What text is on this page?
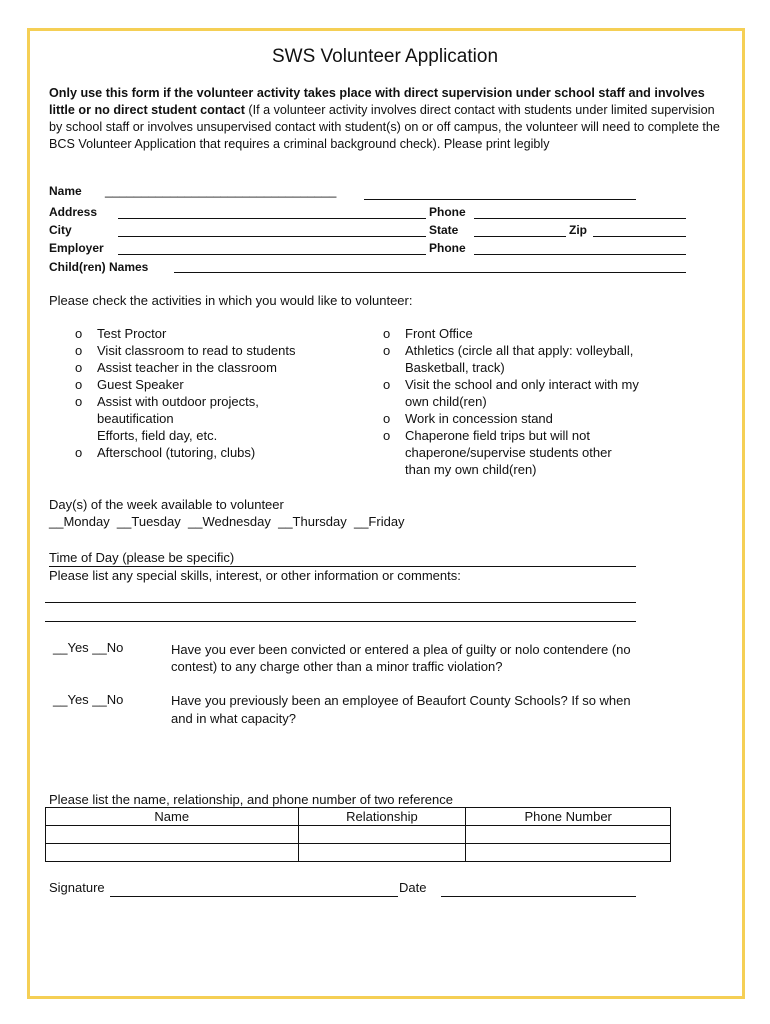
SWS Volunteer Application
Only use this form if the volunteer activity takes place with direct supervision under school staff and involves little or no direct student contact (If a volunteer activity involves direct contact with students under limited supervision by school staff or involves unsupervised contact with student(s) on or off campus, the volunteer will need to complete the BCS Volunteer Application that requires a criminal background check). Please print legibly
Name ________________________________
Address	Phone
City	State	Zip
Employer	Phone
Child(ren) Names
Please check the activities in which you would like to volunteer:
o Test Proctor
o Visit classroom to read to students
o Assist teacher in the classroom
o Guest Speaker
o Assist with outdoor projects,
beautification
Efforts, field day, etc.
o Afterschool (tutoring, clubs)
o Front Office
o Athletics (circle all that apply: volleyball,
Basketball, track)
o Visit the school and only interact with my
own child(ren)
o Work in concession stand
o Chaperone field trips but will not
chaperone/supervise students other
than my own child(ren)
Day(s) of the week available to volunteer
__Monday  __Tuesday  __Wednesday  __Thursday  __Friday
Time of Day (please be specific)
Please list any special skills, interest, or other information or comments:
__Yes __No	Have you ever been convicted or entered a plea of guilty or nolo contendere (no
contest) to any charge other than a minor traffic violation?
__Yes __No	Have you previously been an employee of Beaufort County Schools? If so when
and in what capacity?
Please list the name, relationship, and phone number of two reference
Name	Relationship	Phone Number

Signature	Date
